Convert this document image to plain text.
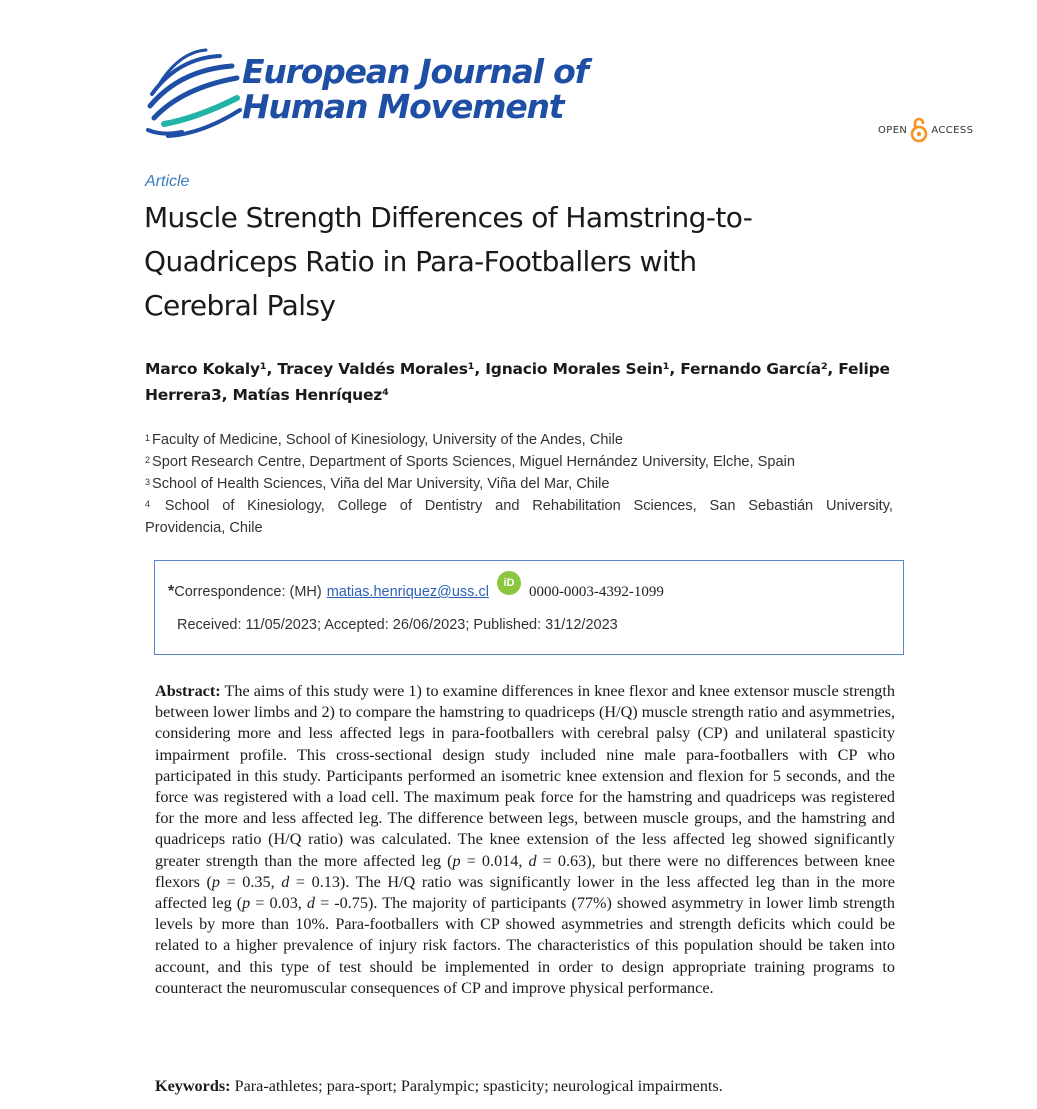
European Journal of
Human Movement
OPEN ACCESS
Article
Muscle Strength Differences of Hamstring-to-
Quadriceps Ratio in Para-Footballers with
Cerebral Palsy
Marco Kokaly¹, Tracey Valdés Morales¹, Ignacio Morales Sein¹, Fernando García², Felipe
Herrera3, Matías Henríquez⁴
$^1$ Faculty of Medicine, School of Kinesiology, University of the Andes, Chile
$^2$ Sport Research Centre, Department of Sports Sciences, Miguel Hernández University, Elche, Spain
$^3$ School of Health Sciences, Viña del Mar University, Viña del Mar, Chile
$^4$ School of Kinesiology, College of Dentistry and Rehabilitation Sciences, San Sebastián University,
Providencia, Chile
* Correspondence: (MH) matias.henriquez@uss.cl
iD
0000-0003-4392-1099
Received: 11/05/2023; Accepted: 26/06/2023; Published: 31/12/2023

Abstract: The aims of this study were 1) to examine differences in knee flexor and knee extensor muscle strength between lower limbs and 2) to compare the hamstring to quadriceps (H/Q) muscle strength ratio and asymmetries, considering more and less affected legs in para-footballers with cerebral palsy (CP) and unilateral spasticity impairment profile. This cross-sectional design study included nine male para-footballers with CP who participated in this study. Participants performed an isometric knee extension and flexion for 5 seconds, and the force was registered with a load cell. The maximum peak force for the hamstring and quadriceps was registered for the more and less affected leg. The difference between legs, between muscle groups, and the hamstring and quadriceps ratio (H/Q ratio) was calculated. The knee extension of the less affected leg showed significantly greater strength than the more affected leg (p = 0.014, d = 0.63), but there were no differences between knee flexors (p = 0.35, d = 0.13). The H/Q ratio was significantly lower in the less affected leg than in the more affected leg (p = 0.03, d = -0.75). The majority of participants (77%) showed asymmetry in lower limb strength levels by more than 10%. Para-footballers with CP showed asymmetries and strength deficits which could be related to a higher prevalence of injury risk factors. The characteristics of this population should be taken into account, and this type of test should be implemented in order to design appropriate training programs to counteract the neuromuscular consequences of CP and improve physical performance.

Keywords: Para-athletes; para-sport; Paralympic; spasticity; neurological impairments.
